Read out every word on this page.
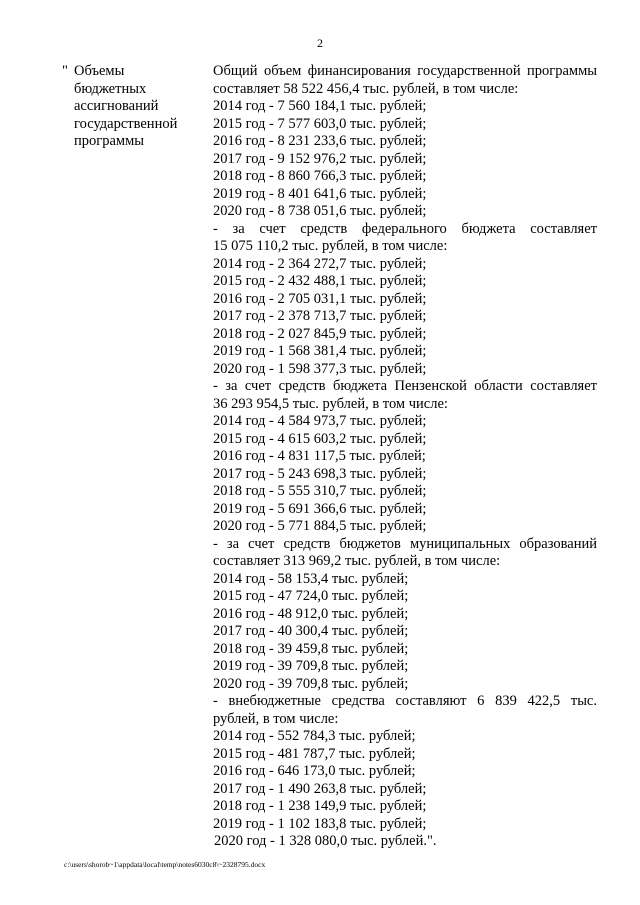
2
" Объемы
бюджетных
ассигнований
государственной
программы
Общий объем финансирования государственной программы
составляет 58 522 456,4 тыс. рублей, в том числе:
2014 год - 7 560 184,1 тыс. рублей;
2015 год - 7 577 603,0 тыс. рублей;
2016 год - 8 231 233,6 тыс. рублей;
2017 год - 9 152 976,2 тыс. рублей;
2018 год - 8 860 766,3 тыс. рублей;
2019 год - 8 401 641,6 тыс. рублей;
2020 год - 8 738 051,6 тыс. рублей;
- за счет средств федерального бюджета составляет
15 075 110,2 тыс. рублей, в том числе:
2014 год - 2 364 272,7 тыс. рублей;
2015 год - 2 432 488,1 тыс. рублей;
2016 год - 2 705 031,1 тыс. рублей;
2017 год - 2 378 713,7 тыс. рублей;
2018 год - 2 027 845,9 тыс. рублей;
2019 год - 1 568 381,4 тыс. рублей;
2020 год - 1 598 377,3 тыс. рублей;
- за счет средств бюджета Пензенской области составляет
36 293 954,5 тыс. рублей, в том числе:
2014 год - 4 584 973,7 тыс. рублей;
2015 год - 4 615 603,2 тыс. рублей;
2016 год - 4 831 117,5 тыс. рублей;
2017 год - 5 243 698,3 тыс. рублей;
2018 год - 5 555 310,7 тыс. рублей;
2019 год - 5 691 366,6 тыс. рублей;
2020 год - 5 771 884,5 тыс. рублей;
- за счет средств бюджетов муниципальных образований
составляет 313 969,2 тыс. рублей, в том числе:
2014 год - 58 153,4 тыс. рублей;
2015 год - 47 724,0 тыс. рублей;
2016 год - 48 912,0 тыс. рублей;
2017 год - 40 300,4 тыс. рублей;
2018 год - 39 459,8 тыс. рублей;
2019 год - 39 709,8 тыс. рублей;
2020 год - 39 709,8 тыс. рублей;
- внебюджетные средства составляют 6 839 422,5 тыс.
рублей, в том числе:
2014 год - 552 784,3 тыс. рублей;
2015 год - 481 787,7 тыс. рублей;
2016 год - 646 173,0 тыс. рублей;
2017 год - 1 490 263,8 тыс. рублей;
2018 год - 1 238 149,9 тыс. рублей;
2019 год - 1 102 183,8 тыс. рублей;
2020 год - 1 328 080,0 тыс. рублей.".
c:\users\shorob~1\appdata\local\temp\notes6030c8\~2328795.docx
